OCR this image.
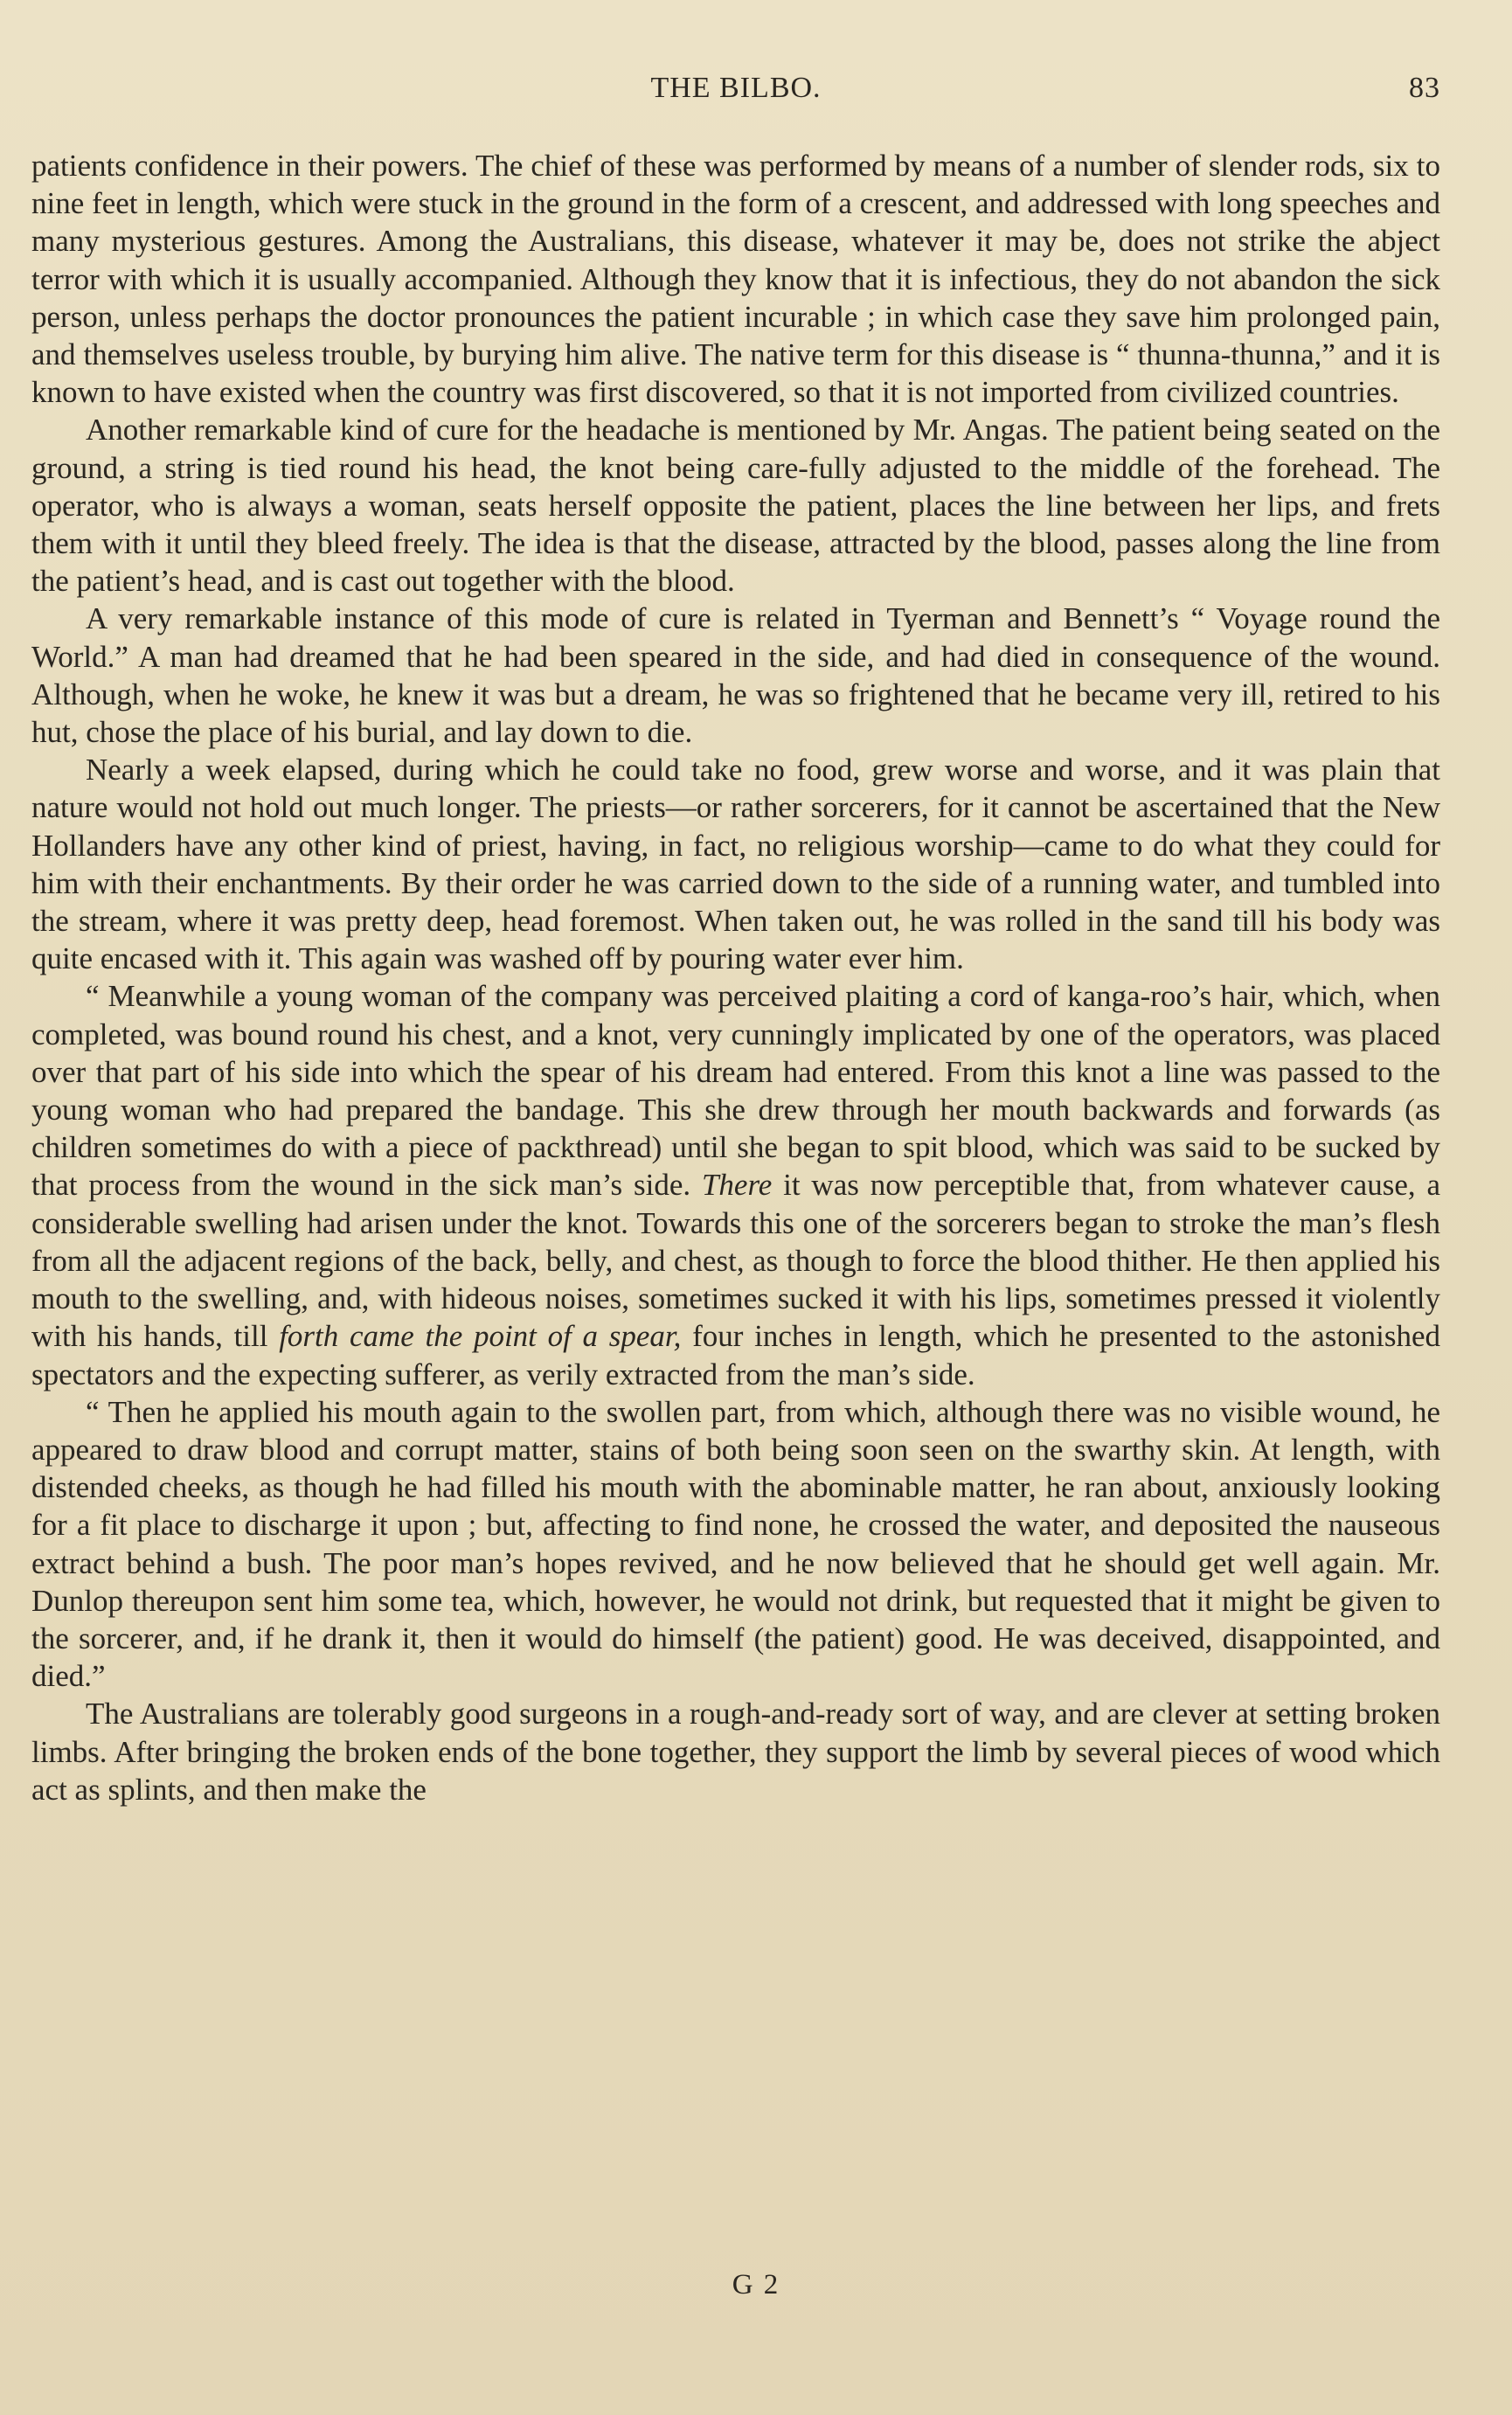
THE BILBO.	83

patients confidence in their powers. The chief of these was performed by means of a number of slender rods, six to nine feet in length, which were stuck in the ground in the form of a crescent, and addressed with long speeches and many mysterious gestures. Among the Australians, this disease, whatever it may be, does not strike the abject terror with which it is usually accompanied. Although they know that it is infectious, they do not abandon the sick person, unless perhaps the doctor pronounces the patient incurable ; in which case they save him prolonged pain, and themselves useless trouble, by burying him alive. The native term for this disease is “ thunna-thunna,” and it is known to have existed when the country was first discovered, so that it is not imported from civilized countries.

Another remarkable kind of cure for the headache is mentioned by Mr. Angas. The patient being seated on the ground, a string is tied round his head, the knot being care-fully adjusted to the middle of the forehead. The operator, who is always a woman, seats herself opposite the patient, places the line between her lips, and frets them with it until they bleed freely. The idea is that the disease, attracted by the blood, passes along the line from the patient’s head, and is cast out together with the blood.

A very remarkable instance of this mode of cure is related in Tyerman and Bennett’s “ Voyage round the World.” A man had dreamed that he had been speared in the side, and had died in consequence of the wound. Although, when he woke, he knew it was but a dream, he was so frightened that he became very ill, retired to his hut, chose the place of his burial, and lay down to die.

Nearly a week elapsed, during which he could take no food, grew worse and worse, and it was plain that nature would not hold out much longer. The priests—or rather sorcerers, for it cannot be ascertained that the New Hollanders have any other kind of priest, having, in fact, no religious worship—came to do what they could for him with their enchantments. By their order he was carried down to the side of a running water, and tumbled into the stream, where it was pretty deep, head foremost. When taken out, he was rolled in the sand till his body was quite encased with it. This again was washed off by pouring water ever him.

“ Meanwhile a young woman of the company was perceived plaiting a cord of kanga-roo’s hair, which, when completed, was bound round his chest, and a knot, very cunningly implicated by one of the operators, was placed over that part of his side into which the spear of his dream had entered. From this knot a line was passed to the young woman who had prepared the bandage. This she drew through her mouth backwards and forwards (as children sometimes do with a piece of packthread) until she began to spit blood, which was said to be sucked by that process from the wound in the sick man’s side. There it was now perceptible that, from whatever cause, a considerable swelling had arisen under the knot. Towards this one of the sorcerers began to stroke the man’s flesh from all the adjacent regions of the back, belly, and chest, as though to force the blood thither. He then applied his mouth to the swelling, and, with hideous noises, sometimes sucked it with his lips, sometimes pressed it violently with his hands, till forth came the point of a spear, four inches in length, which he presented to the astonished spectators and the expecting sufferer, as verily extracted from the man’s side.

“ Then he applied his mouth again to the swollen part, from which, although there was no visible wound, he appeared to draw blood and corrupt matter, stains of both being soon seen on the swarthy skin. At length, with distended cheeks, as though he had filled his mouth with the abominable matter, he ran about, anxiously looking for a fit place to discharge it upon ; but, affecting to find none, he crossed the water, and deposited the nauseous extract behind a bush. The poor man’s hopes revived, and he now believed that he should get well again. Mr. Dunlop thereupon sent him some tea, which, however, he would not drink, but requested that it might be given to the sorcerer, and, if he drank it, then it would do himself (the patient) good. He was deceived, disappointed, and died.”

The Australians are tolerably good surgeons in a rough-and-ready sort of way, and are clever at setting broken limbs. After bringing the broken ends of the bone together, they support the limb by several pieces of wood which act as splints, and then make the

G 2
